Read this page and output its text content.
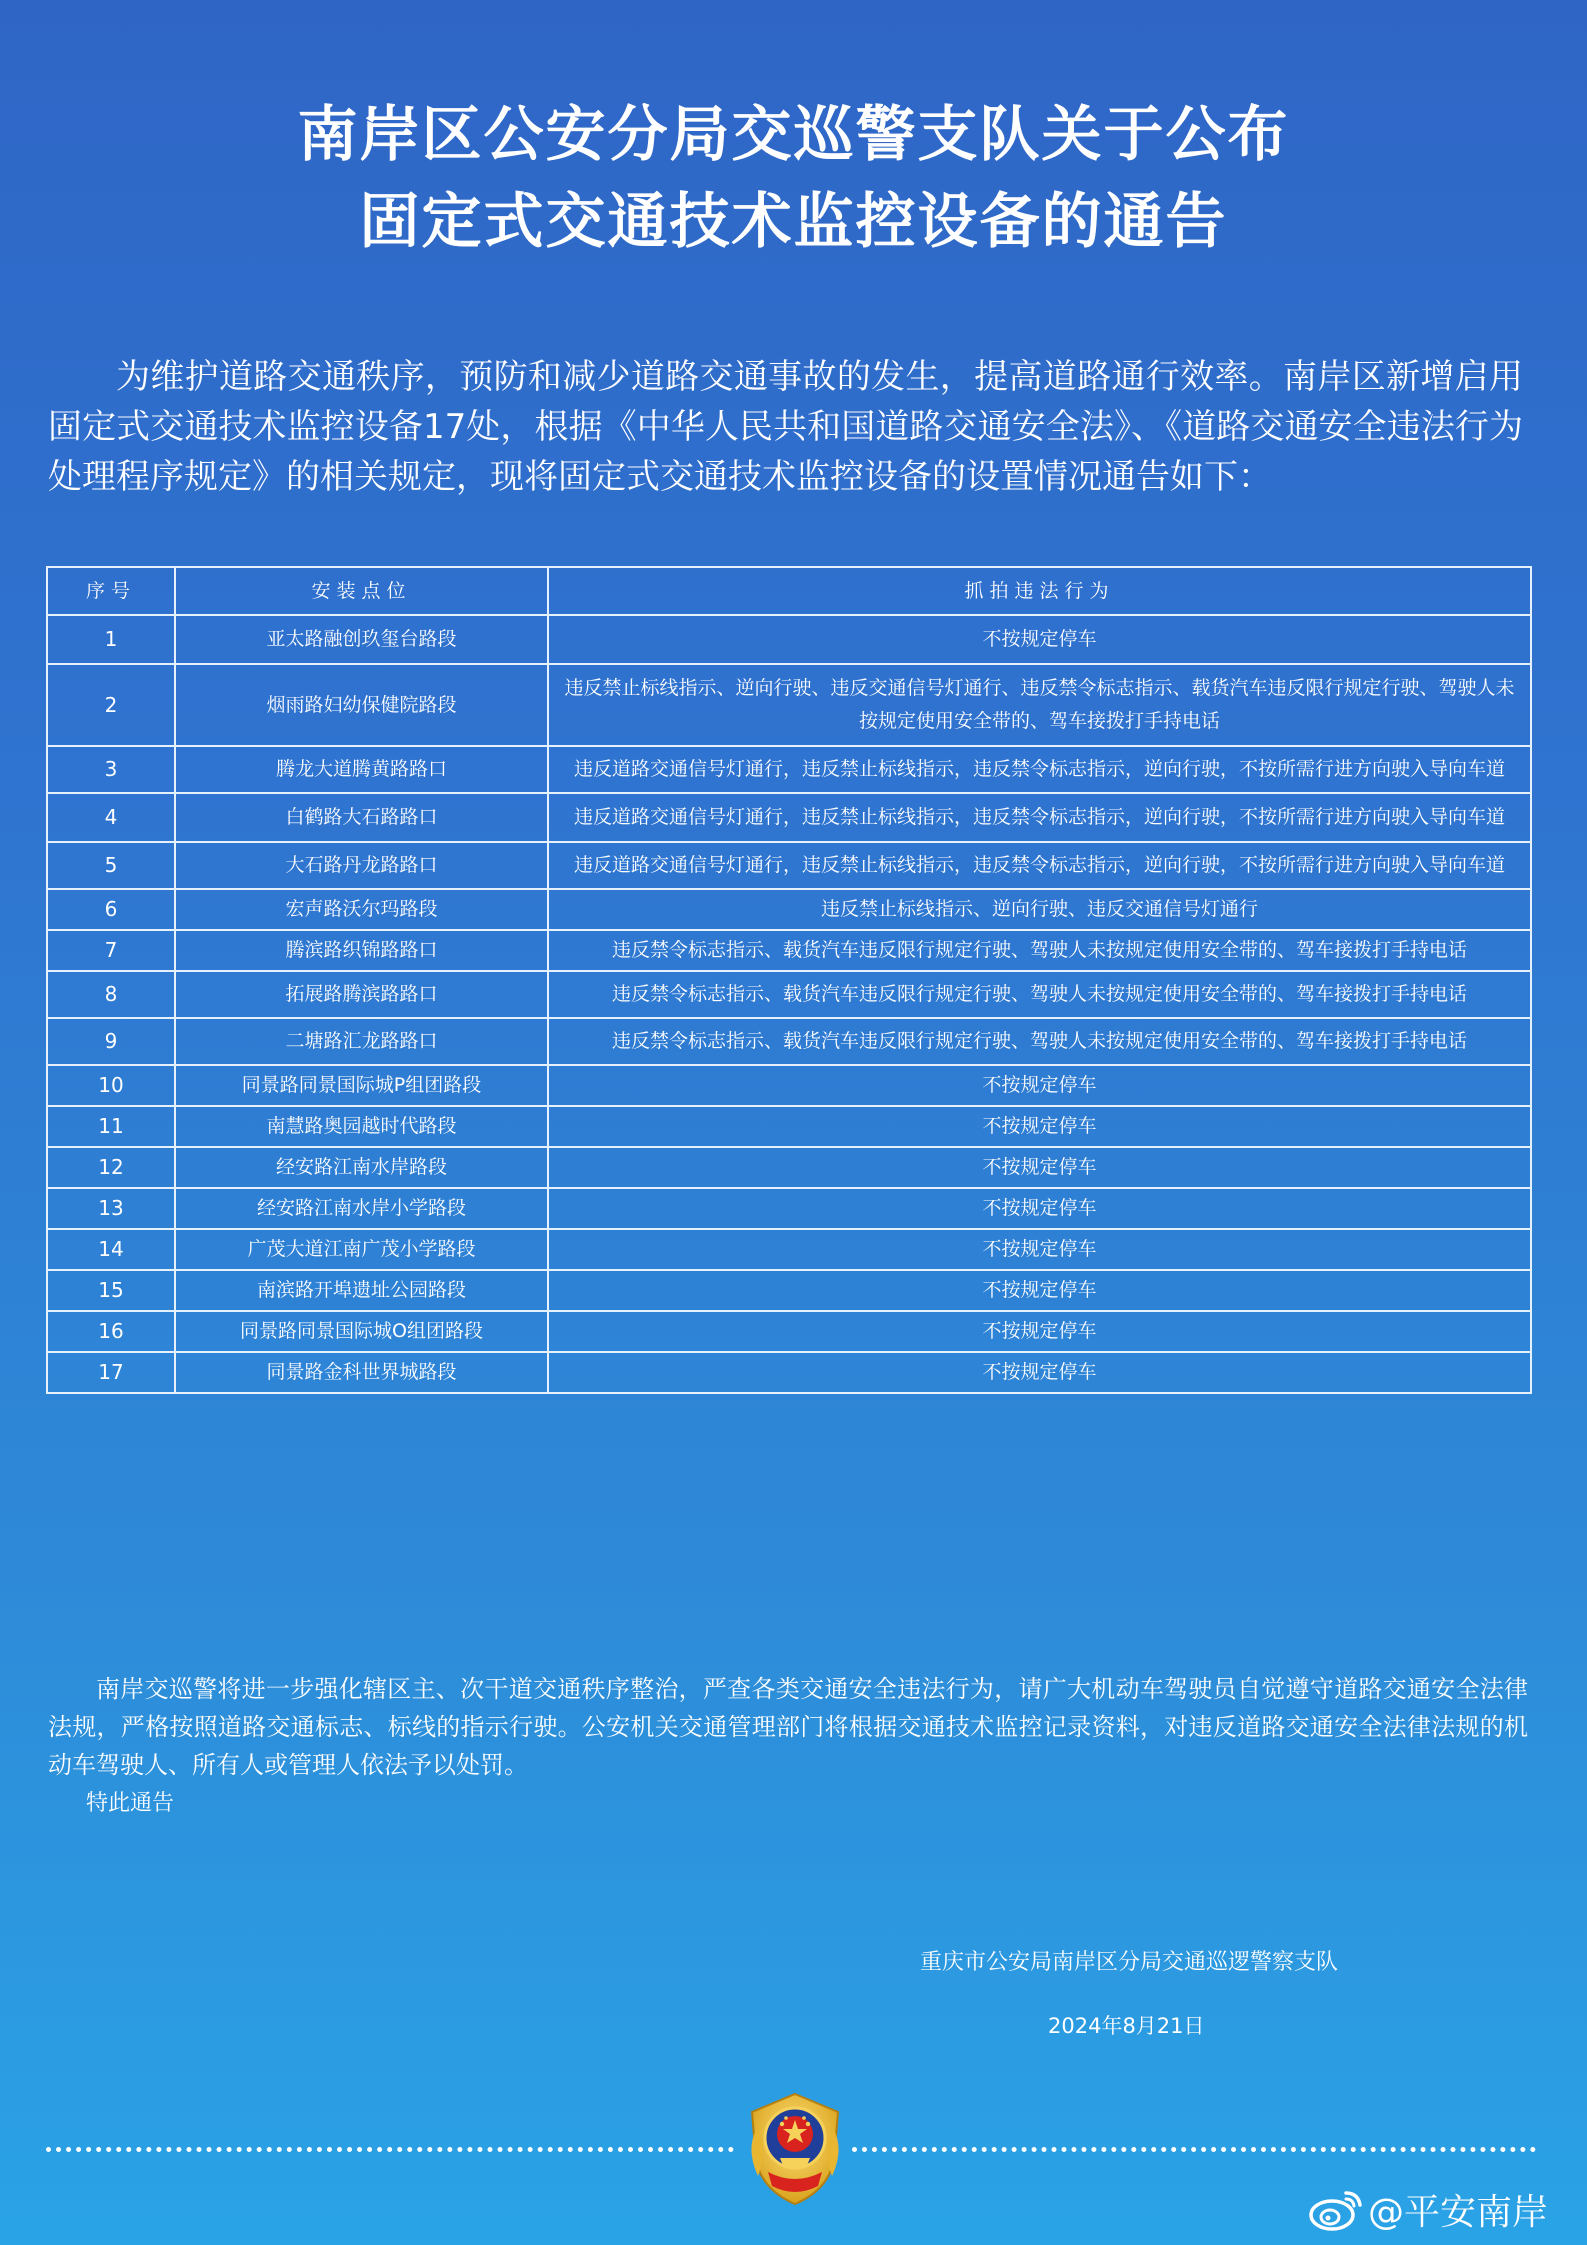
南岸区公安分局交巡警支队关于公布
固定式交通技术监控设备的通告

为维护道路交通秩序，预防和减少道路交通事故的发生，提高道路通行效率。南岸区新增启用固定式交通技术监控设备17处，根据《中华人民共和国道路交通安全法》、《道路交通安全违法行为处理程序规定》的相关规定，现将固定式交通技术监控设备的设置情况通告如下：

序号	安装点位	抓拍违法行为
1	亚太路融创玖玺台路段	不按规定停车
2	烟雨路妇幼保健院路段	违反禁止标线指示、逆向行驶、违反交通信号灯通行、违反禁令标志指示、载货汽车违反限行规定行驶、驾驶人未按规定使用安全带的、驾车接拨打手持电话
3	腾龙大道腾黄路路口	违反道路交通信号灯通行，违反禁止标线指示，违反禁令标志指示，逆向行驶，不按所需行进方向驶入导向车道
4	白鹤路大石路路口	违反道路交通信号灯通行，违反禁止标线指示，违反禁令标志指示，逆向行驶，不按所需行进方向驶入导向车道
5	大石路丹龙路路口	违反道路交通信号灯通行，违反禁止标线指示，违反禁令标志指示，逆向行驶，不按所需行进方向驶入导向车道
6	宏声路沃尔玛路段	违反禁止标线指示、逆向行驶、违反交通信号灯通行
7	腾滨路织锦路路口	违反禁令标志指示、载货汽车违反限行规定行驶、驾驶人未按规定使用安全带的、驾车接拨打手持电话
8	拓展路腾滨路路口	违反禁令标志指示、载货汽车违反限行规定行驶、驾驶人未按规定使用安全带的、驾车接拨打手持电话
9	二塘路汇龙路路口	违反禁令标志指示、载货汽车违反限行规定行驶、驾驶人未按规定使用安全带的、驾车接拨打手持电话
10	同景路同景国际城P组团路段	不按规定停车
11	南慧路奥园越时代路段	不按规定停车
12	经安路江南水岸路段	不按规定停车
13	经安路江南水岸小学路段	不按规定停车
14	广茂大道江南广茂小学路段	不按规定停车
15	南滨路开埠遗址公园路段	不按规定停车
16	同景路同景国际城O组团路段	不按规定停车
17	同景路金科世界城路段	不按规定停车

南岸交巡警将进一步强化辖区主、次干道交通秩序整治，严查各类交通安全违法行为，请广大机动车驾驶员自觉遵守道路交通安全法律法规，严格按照道路交通标志、标线的指示行驶。公安机关交通管理部门将根据交通技术监控记录资料，对违反道路交通安全法律法规的机动车驾驶人、所有人或管理人依法予以处罚。

特此通告
重庆市公安局南岸区分局交通巡逻警察支队
2024年8月21日
@平安南岸
